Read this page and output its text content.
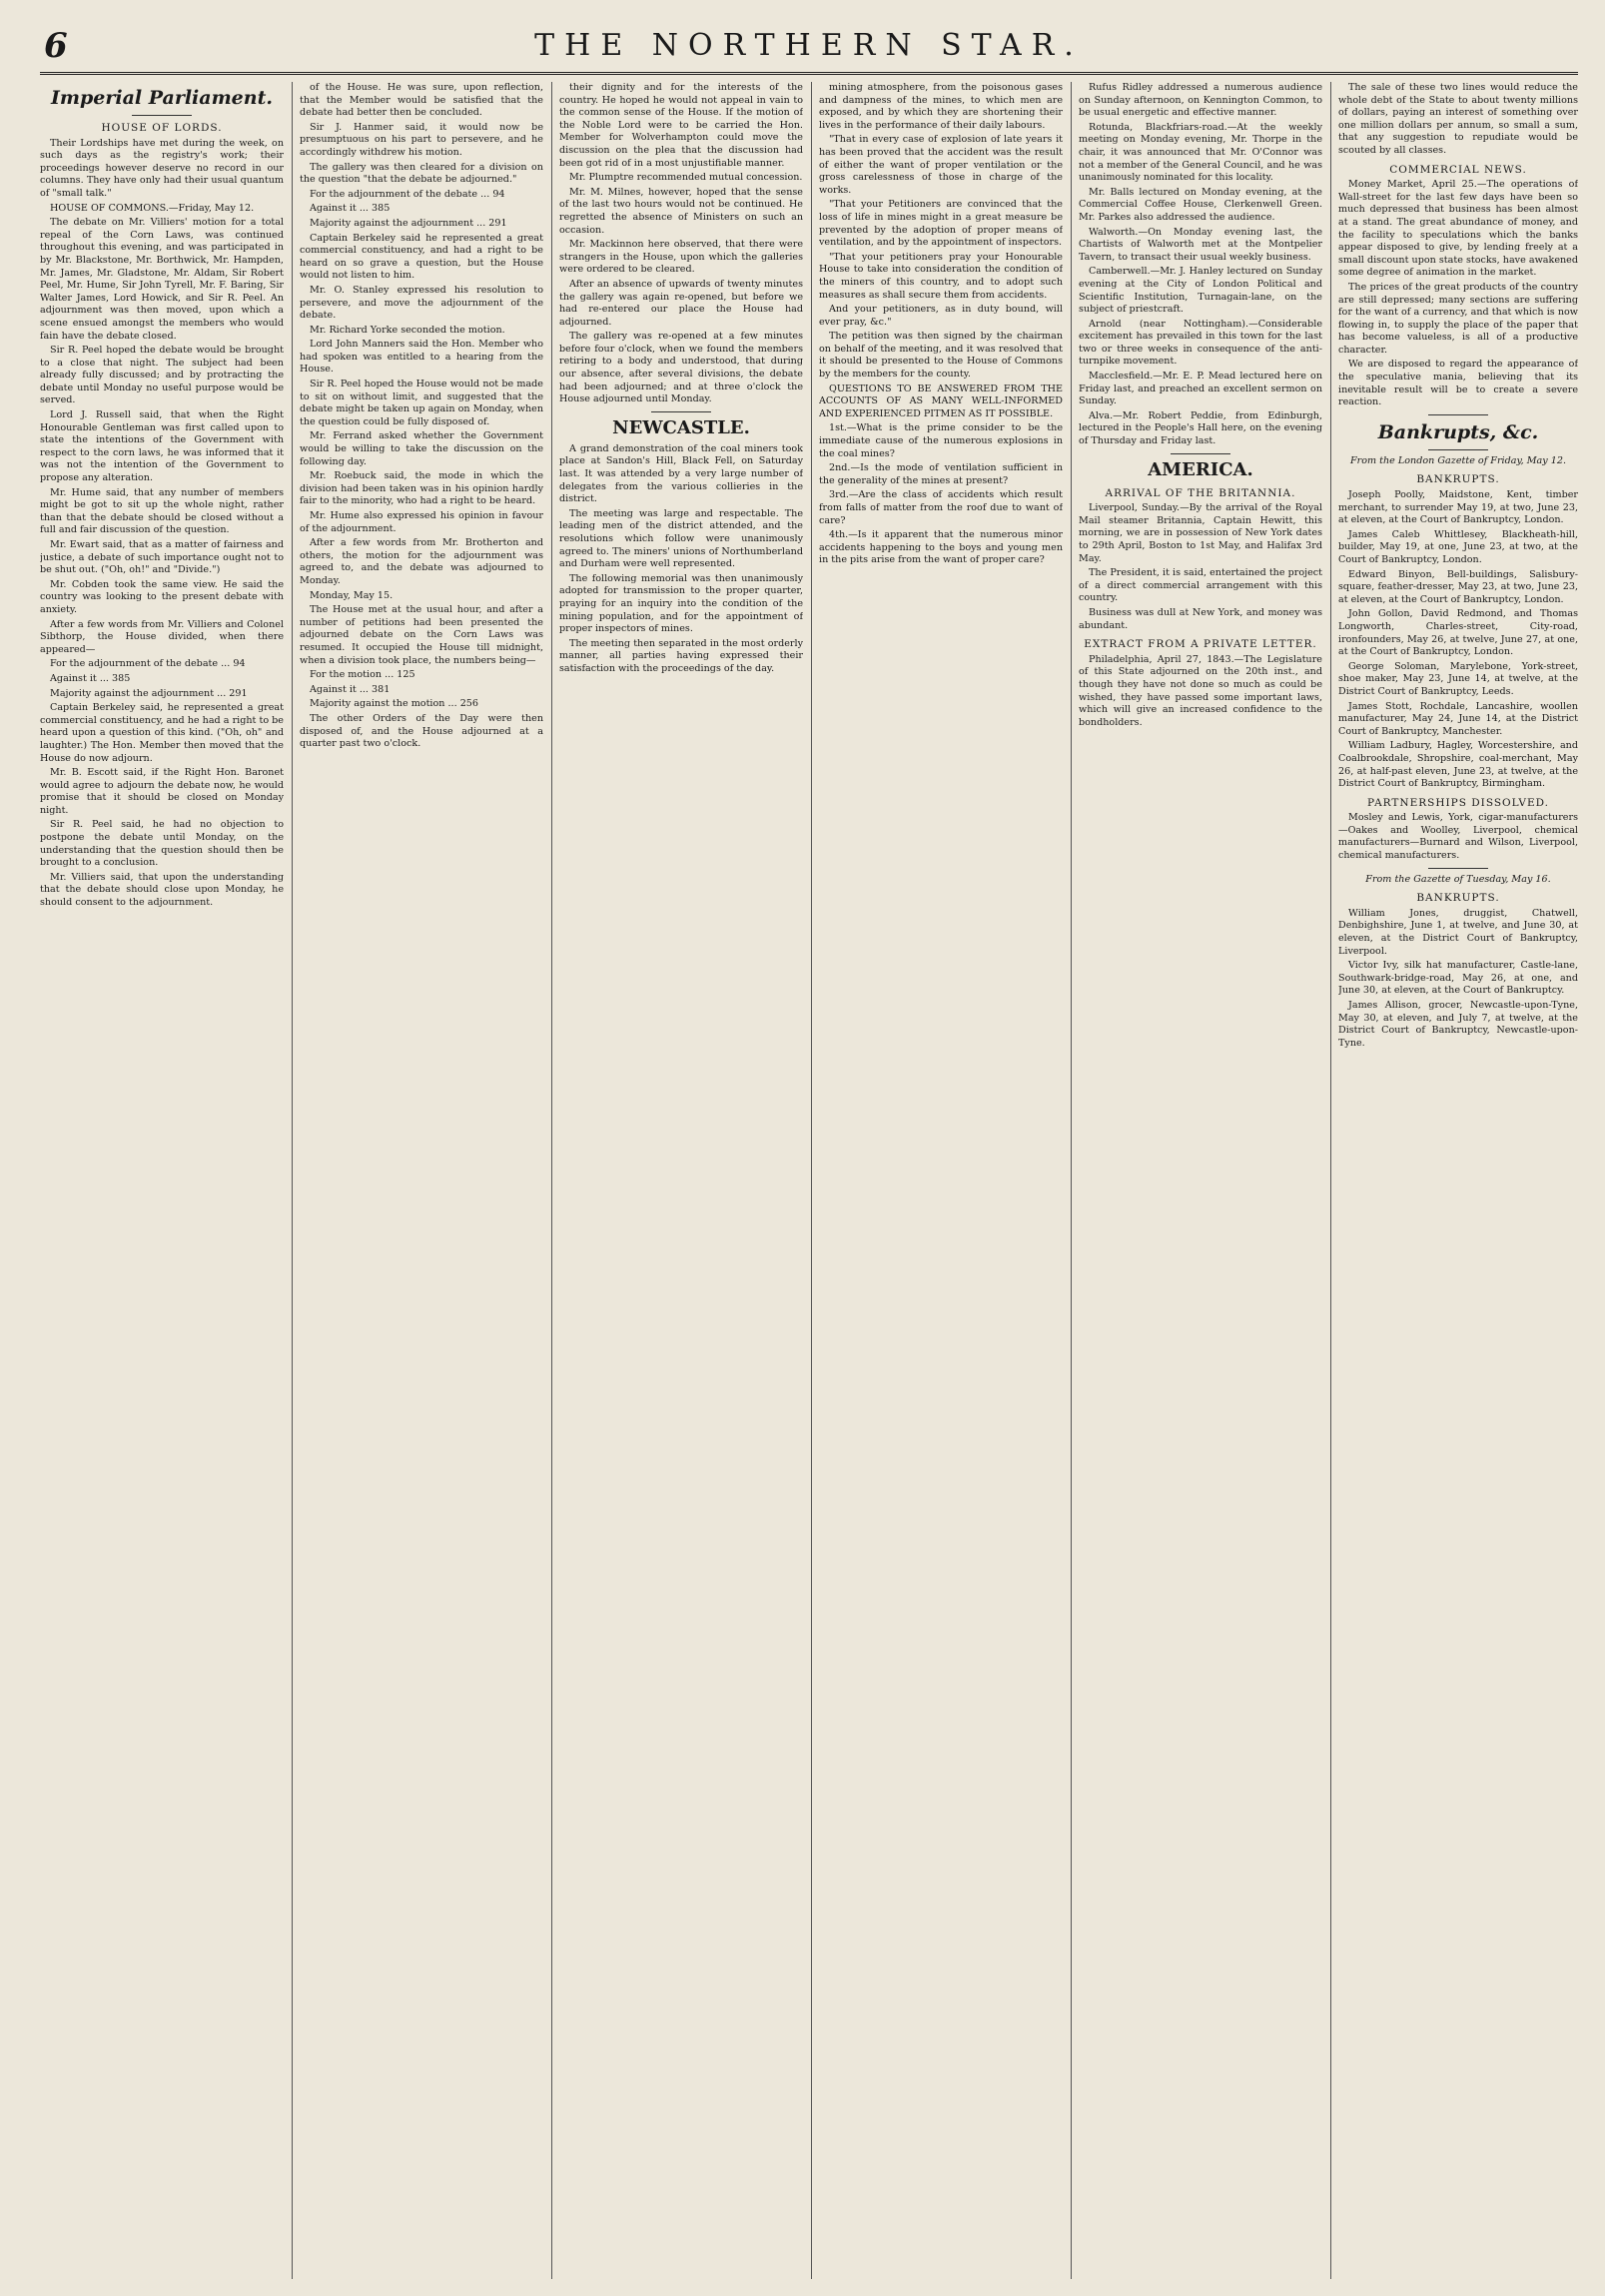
6	THE NORTHERN STAR.
Imperial Parliament.
HOUSE OF LORDS.

Their Lordships have met during the week, on such days as the registry's work; their proceedings however deserve no record in our columns. They have only had their usual quantum of "small talk."

HOUSE OF COMMONS.—Friday, May 12.

The debate on Mr. Villiers' motion for a total repeal of the Corn Laws, was continued throughout this evening, and was participated in by Mr. Blackstone, Mr. Borthwick, Mr. Hampden, Mr. James, Mr. Gladstone, Mr. Aldam, Sir Robert Peel, Mr. Hume, Sir John Tyrell, Mr. F. Baring, Sir Walter James, Lord Howick, and Sir R. Peel. An adjournment was then moved, upon which a scene ensued amongst the members who would fain have the debate closed.

Sir R. Peel hoped the debate would be brought to a close that night. The subject had been already fully discussed; and by protracting the debate until Monday no useful purpose would be served.

Lord J. Russell said, that when the Right Honourable Gentleman was first called upon to state the intentions of the Government with respect to the corn laws, he was informed that it was not the intention of the Government to propose any alteration.

Mr. Hume said, that any number of members might be got to sit up the whole night, rather than that the debate should be closed without a full and fair discussion of the question.

Mr. Ewart said, that as a matter of fairness and justice, a debate of such importance ought not to be shut out. ("Oh, oh!" and "Divide.")

Mr. Cobden took the same view. He said the country was looking to the present debate with anxiety.

After a few words from Mr. Villiers and Colonel Sibthorp, the House divided, when there appeared—

For the adjournment of the debate ... 94

Against it ... 385

Majority against the adjournment ... 291

Captain Berkeley said, he represented a great commercial constituency, and he had a right to be heard upon a question of this kind. ("Oh, oh" and laughter.) The Hon. Member then moved that the House do now adjourn.

Mr. B. Escott said, if the Right Hon. Baronet would agree to adjourn the debate now, he would promise that it should be closed on Monday night.

Sir R. Peel said, he had no objection to postpone the debate until Monday, on the understanding that the question should then be brought to a conclusion.

Mr. Villiers said, that upon the understanding that the debate should close upon Monday, he should consent to the adjournment.

of the House. He was sure, upon reflection, that the Member would be satisfied that the debate had better then be concluded.

Sir J. Hanmer said, it would now be presumptuous on his part to persevere, and he accordingly withdrew his motion.

The gallery was then cleared for a division on the question "that the debate be adjourned."

For the adjournment of the debate ... 94

Against it ... 385

Majority against the adjournment ... 291

Captain Berkeley said he represented a great commercial constituency, and had a right to be heard on so grave a question, but the House would not listen to him.

Mr. O. Stanley expressed his resolution to persevere, and move the adjournment of the debate.

Mr. Richard Yorke seconded the motion.

Lord John Manners said the Hon. Member who had spoken was entitled to a hearing from the House.

Sir R. Peel hoped the House would not be made to sit on without limit, and suggested that the debate might be taken up again on Monday, when the question could be fully disposed of.

Mr. Ferrand asked whether the Government would be willing to take the discussion on the following day.

Mr. Roebuck said, the mode in which the division had been taken was in his opinion hardly fair to the minority, who had a right to be heard.

Mr. Hume also expressed his opinion in favour of the adjournment.

After a few words from Mr. Brotherton and others, the motion for the adjournment was agreed to, and the debate was adjourned to Monday.

Monday, May 15.

The House met at the usual hour, and after a number of petitions had been presented the adjourned debate on the Corn Laws was resumed. It occupied the House till midnight, when a division took place, the numbers being—

For the motion ... 125

Against it ... 381

Majority against the motion ... 256

The other Orders of the Day were then disposed of, and the House adjourned at a quarter past two o'clock.

their dignity and for the interests of the country. He hoped he would not appeal in vain to the common sense of the House. If the motion of the Noble Lord were to be carried the Hon. Member for Wolverhampton could move the discussion on the plea that the discussion had been got rid of in a most unjustifiable manner.

Mr. Plumptre recommended mutual concession.

Mr. M. Milnes, however, hoped that the sense of the last two hours would not be continued. He regretted the absence of Ministers on such an occasion.

Mr. Mackinnon here observed, that there were strangers in the House, upon which the galleries were ordered to be cleared.

After an absence of upwards of twenty minutes the gallery was again re-opened, but before we had re-entered our place the House had adjourned.

The gallery was re-opened at a few minutes before four o'clock, when we found the members retiring to a body and understood, that during our absence, after several divisions, the debate had been adjourned; and at three o'clock the House adjourned until Monday.

NEWCASTLE.

A grand demonstration of the coal miners took place at Sandon's Hill, Black Fell, on Saturday last. It was attended by a very large number of delegates from the various collieries in the district.

The meeting was large and respectable. The leading men of the district attended, and the resolutions which follow were unanimously agreed to. The miners' unions of Northumberland and Durham were well represented.

The following memorial was then unanimously adopted for transmission to the proper quarter, praying for an inquiry into the condition of the mining population, and for the appointment of proper inspectors of mines.

The meeting then separated in the most orderly manner, all parties having expressed their satisfaction with the proceedings of the day.

mining atmosphere, from the poisonous gases and dampness of the mines, to which men are exposed, and by which they are shortening their lives in the performance of their daily labours.

"That in every case of explosion of late years it has been proved that the accident was the result of either the want of proper ventilation or the gross carelessness of those in charge of the works.

"That your Petitioners are convinced that the loss of life in mines might in a great measure be prevented by the adoption of proper means of ventilation, and by the appointment of inspectors.

"That your petitioners pray your Honourable House to take into consideration the condition of the miners of this country, and to adopt such measures as shall secure them from accidents.

And your petitioners, as in duty bound, will ever pray, &c."

The petition was then signed by the chairman on behalf of the meeting, and it was resolved that it should be presented to the House of Commons by the members for the county.

QUESTIONS TO BE ANSWERED FROM THE ACCOUNTS OF AS MANY WELL-INFORMED AND EXPERIENCED PITMEN AS IT POSSIBLE.

1st.—What is the prime consider to be the immediate cause of the numerous explosions in the coal mines?

2nd.—Is the mode of ventilation sufficient in the generality of the mines at present?

3rd.—Are the class of accidents which result from falls of matter from the roof due to want of care?

4th.—Is it apparent that the numerous minor accidents happening to the boys and young men in the pits arise from the want of proper care?

Rufus Ridley addressed a numerous audience on Sunday afternoon, on Kennington Common, to be usual energetic and effective manner.

Rotunda, Blackfriars-road.—At the weekly meeting on Monday evening, Mr. Thorpe in the chair, it was announced that Mr. O'Connor was not a member of the General Council, and he was unanimously nominated for this locality.

Mr. Balls lectured on Monday evening, at the Commercial Coffee House, Clerkenwell Green. Mr. Parkes also addressed the audience.

Walworth.—On Monday evening last, the Chartists of Walworth met at the Montpelier Tavern, to transact their usual weekly business.

Camberwell.—Mr. J. Hanley lectured on Sunday evening at the City of London Political and Scientific Institution, Turnagain-lane, on the subject of priestcraft.

Arnold (near Nottingham).—Considerable excitement has prevailed in this town for the last two or three weeks in consequence of the anti-turnpike movement.

Macclesfield.—Mr. E. P. Mead lectured here on Friday last, and preached an excellent sermon on Sunday.

Alva.—Mr. Robert Peddie, from Edinburgh, lectured in the People's Hall here, on the evening of Thursday and Friday last.

AMERICA.
ARRIVAL OF THE BRITANNIA.

Liverpool, Sunday.—By the arrival of the Royal Mail steamer Britannia, Captain Hewitt, this morning, we are in possession of New York dates to 29th April, Boston to 1st May, and Halifax 3rd May.

The President, it is said, entertained the project of a direct commercial arrangement with this country.

Business was dull at New York, and money was abundant.

EXTRACT FROM A PRIVATE LETTER.

Philadelphia, April 27, 1843.—The Legislature of this State adjourned on the 20th inst., and though they have not done so much as could be wished, they have passed some important laws, which will give an increased confidence to the bondholders.

The sale of these two lines would reduce the whole debt of the State to about twenty millions of dollars, paying an interest of something over one million dollars per annum, so small a sum, that any suggestion to repudiate would be scouted by all classes.

COMMERCIAL NEWS.

Money Market, April 25.—The operations of Wall-street for the last few days have been so much depressed that business has been almost at a stand. The great abundance of money, and the facility to speculations which the banks appear disposed to give, by lending freely at a small discount upon state stocks, have awakened some degree of animation in the market.

The prices of the great products of the country are still depressed; many sections are suffering for the want of a currency, and that which is now flowing in, to supply the place of the paper that has become valueless, is all of a productive character.

We are disposed to regard the appearance of the speculative mania, believing that its inevitable result will be to create a severe reaction.

Bankrupts, &c.
From the London Gazette of Friday, May 12.
BANKRUPTS.

Joseph Poolly, Maidstone, Kent, timber merchant, to surrender May 19, at two, June 23, at eleven, at the Court of Bankruptcy, London.

James Caleb Whittlesey, Blackheath-hill, builder, May 19, at one, June 23, at two, at the Court of Bankruptcy, London.

Edward Binyon, Bell-buildings, Salisbury-square, feather-dresser, May 23, at two, June 23, at eleven, at the Court of Bankruptcy, London.

John Gollon, David Redmond, and Thomas Longworth, Charles-street, City-road, ironfounders, May 26, at twelve, June 27, at one, at the Court of Bankruptcy, London.

George Soloman, Marylebone, York-street, shoe maker, May 23, June 14, at twelve, at the District Court of Bankruptcy, Leeds.

James Stott, Rochdale, Lancashire, woollen manufacturer, May 24, June 14, at the District Court of Bankruptcy, Manchester.

William Ladbury, Hagley, Worcestershire, and Coalbrookdale, Shropshire, coal-merchant, May 26, at half-past eleven, June 23, at twelve, at the District Court of Bankruptcy, Birmingham.

PARTNERSHIPS DISSOLVED.

Mosley and Lewis, York, cigar-manufacturers—Oakes and Woolley, Liverpool, chemical manufacturers—Burnard and Wilson, Liverpool, chemical manufacturers.

From the Gazette of Tuesday, May 16.
BANKRUPTS.

William Jones, druggist, Chatwell, Denbighshire, June 1, at twelve, and June 30, at eleven, at the District Court of Bankruptcy, Liverpool.

Victor Ivy, silk hat manufacturer, Castle-lane, Southwark-bridge-road, May 26, at one, and June 30, at eleven, at the Court of Bankruptcy.

James Allison, grocer, Newcastle-upon-Tyne, May 30, at eleven, and July 7, at twelve, at the District Court of Bankruptcy, Newcastle-upon-Tyne.
